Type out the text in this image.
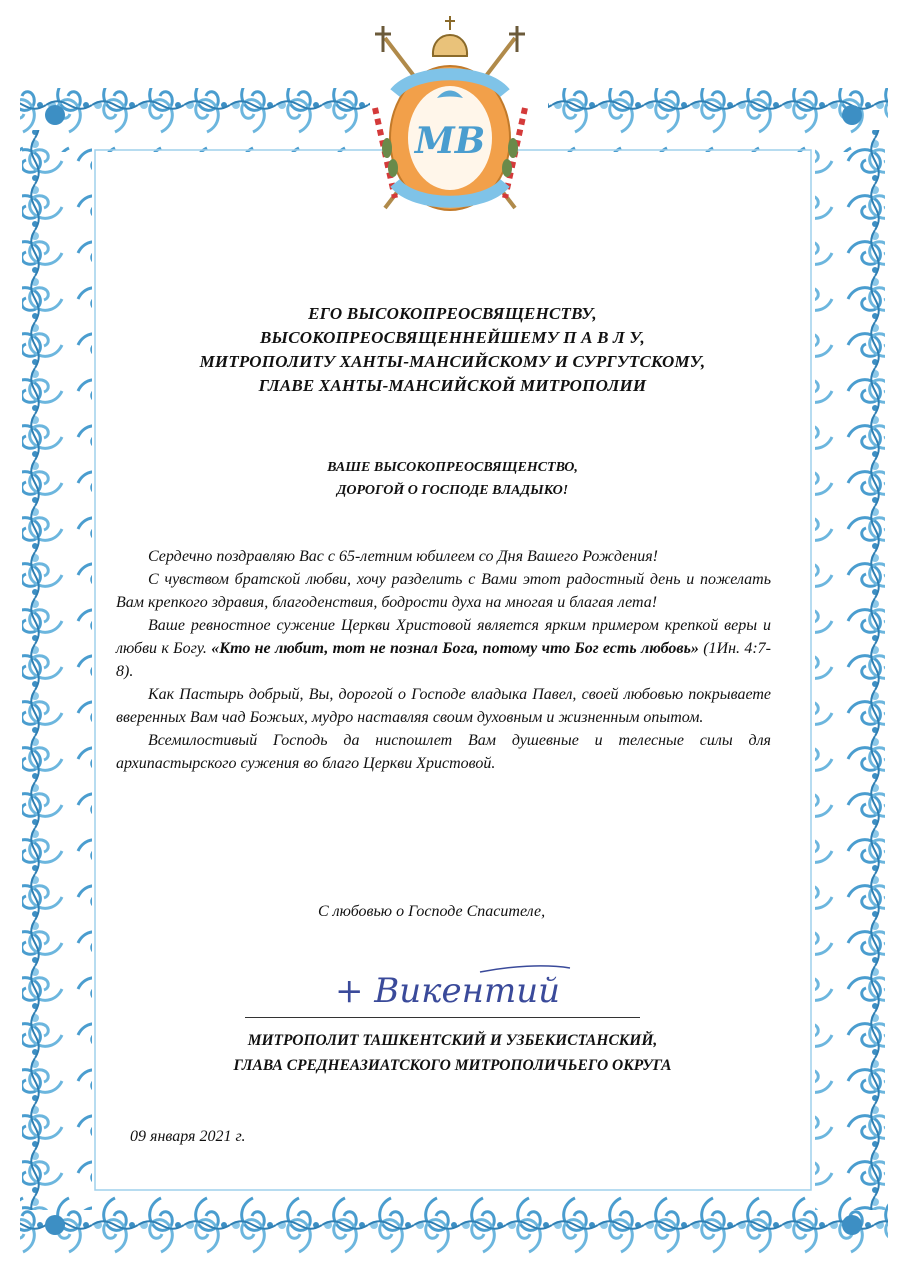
МВ
ЕГО ВЫСОКОПРЕОСВЯЩЕНСТВУ,
ВЫСОКОПРЕОСВЯЩЕННЕЙШЕМУ П А В Л У,
МИТРОПОЛИТУ ХАНТЫ-МАНСИЙСКОМУ И СУРГУТСКОМУ,
ГЛАВЕ ХАНТЫ-МАНСИЙСКОЙ МИТРОПОЛИИ
ВАШЕ ВЫСОКОПРЕОСВЯЩЕНСТВО,
ДОРОГОЙ О ГОСПОДЕ ВЛАДЫКО!

Сердечно поздравляю Вас с 65-летним юбилеем со Дня Вашего Рождения!

С чувством братской любви, хочу разделить с Вами этот радостный день и пожелать Вам крепкого здравия, благоденствия, бодрости духа на многая и благая лета!

Ваше ревностное сужение Церкви Христовой является ярким примером крепкой веры и любви к Богу. «Кто не любит, тот не познал Бога, потому что Бог есть любовь» (1Ин. 4:7-8).

Как Пастырь добрый, Вы, дорогой о Господе владыка Павел, своей любовью покрываете вверенных Вам чад Божьих, мудро наставляя своим духовным и жизненным опытом.

Всемилостивый Господь да ниспошлет Вам душевные и телесные силы для архипастырского сужения во благо Церкви Христовой.

С любовью о Господе Спасителе,
+ Викентий
МИТРОПОЛИТ ТАШКЕНТСКИЙ И УЗБЕКИСТАНСКИЙ,
ГЛАВА СРЕДНЕАЗИАТСКОГО МИТРОПОЛИЧЬЕГО ОКРУГА
09 января 2021 г.
